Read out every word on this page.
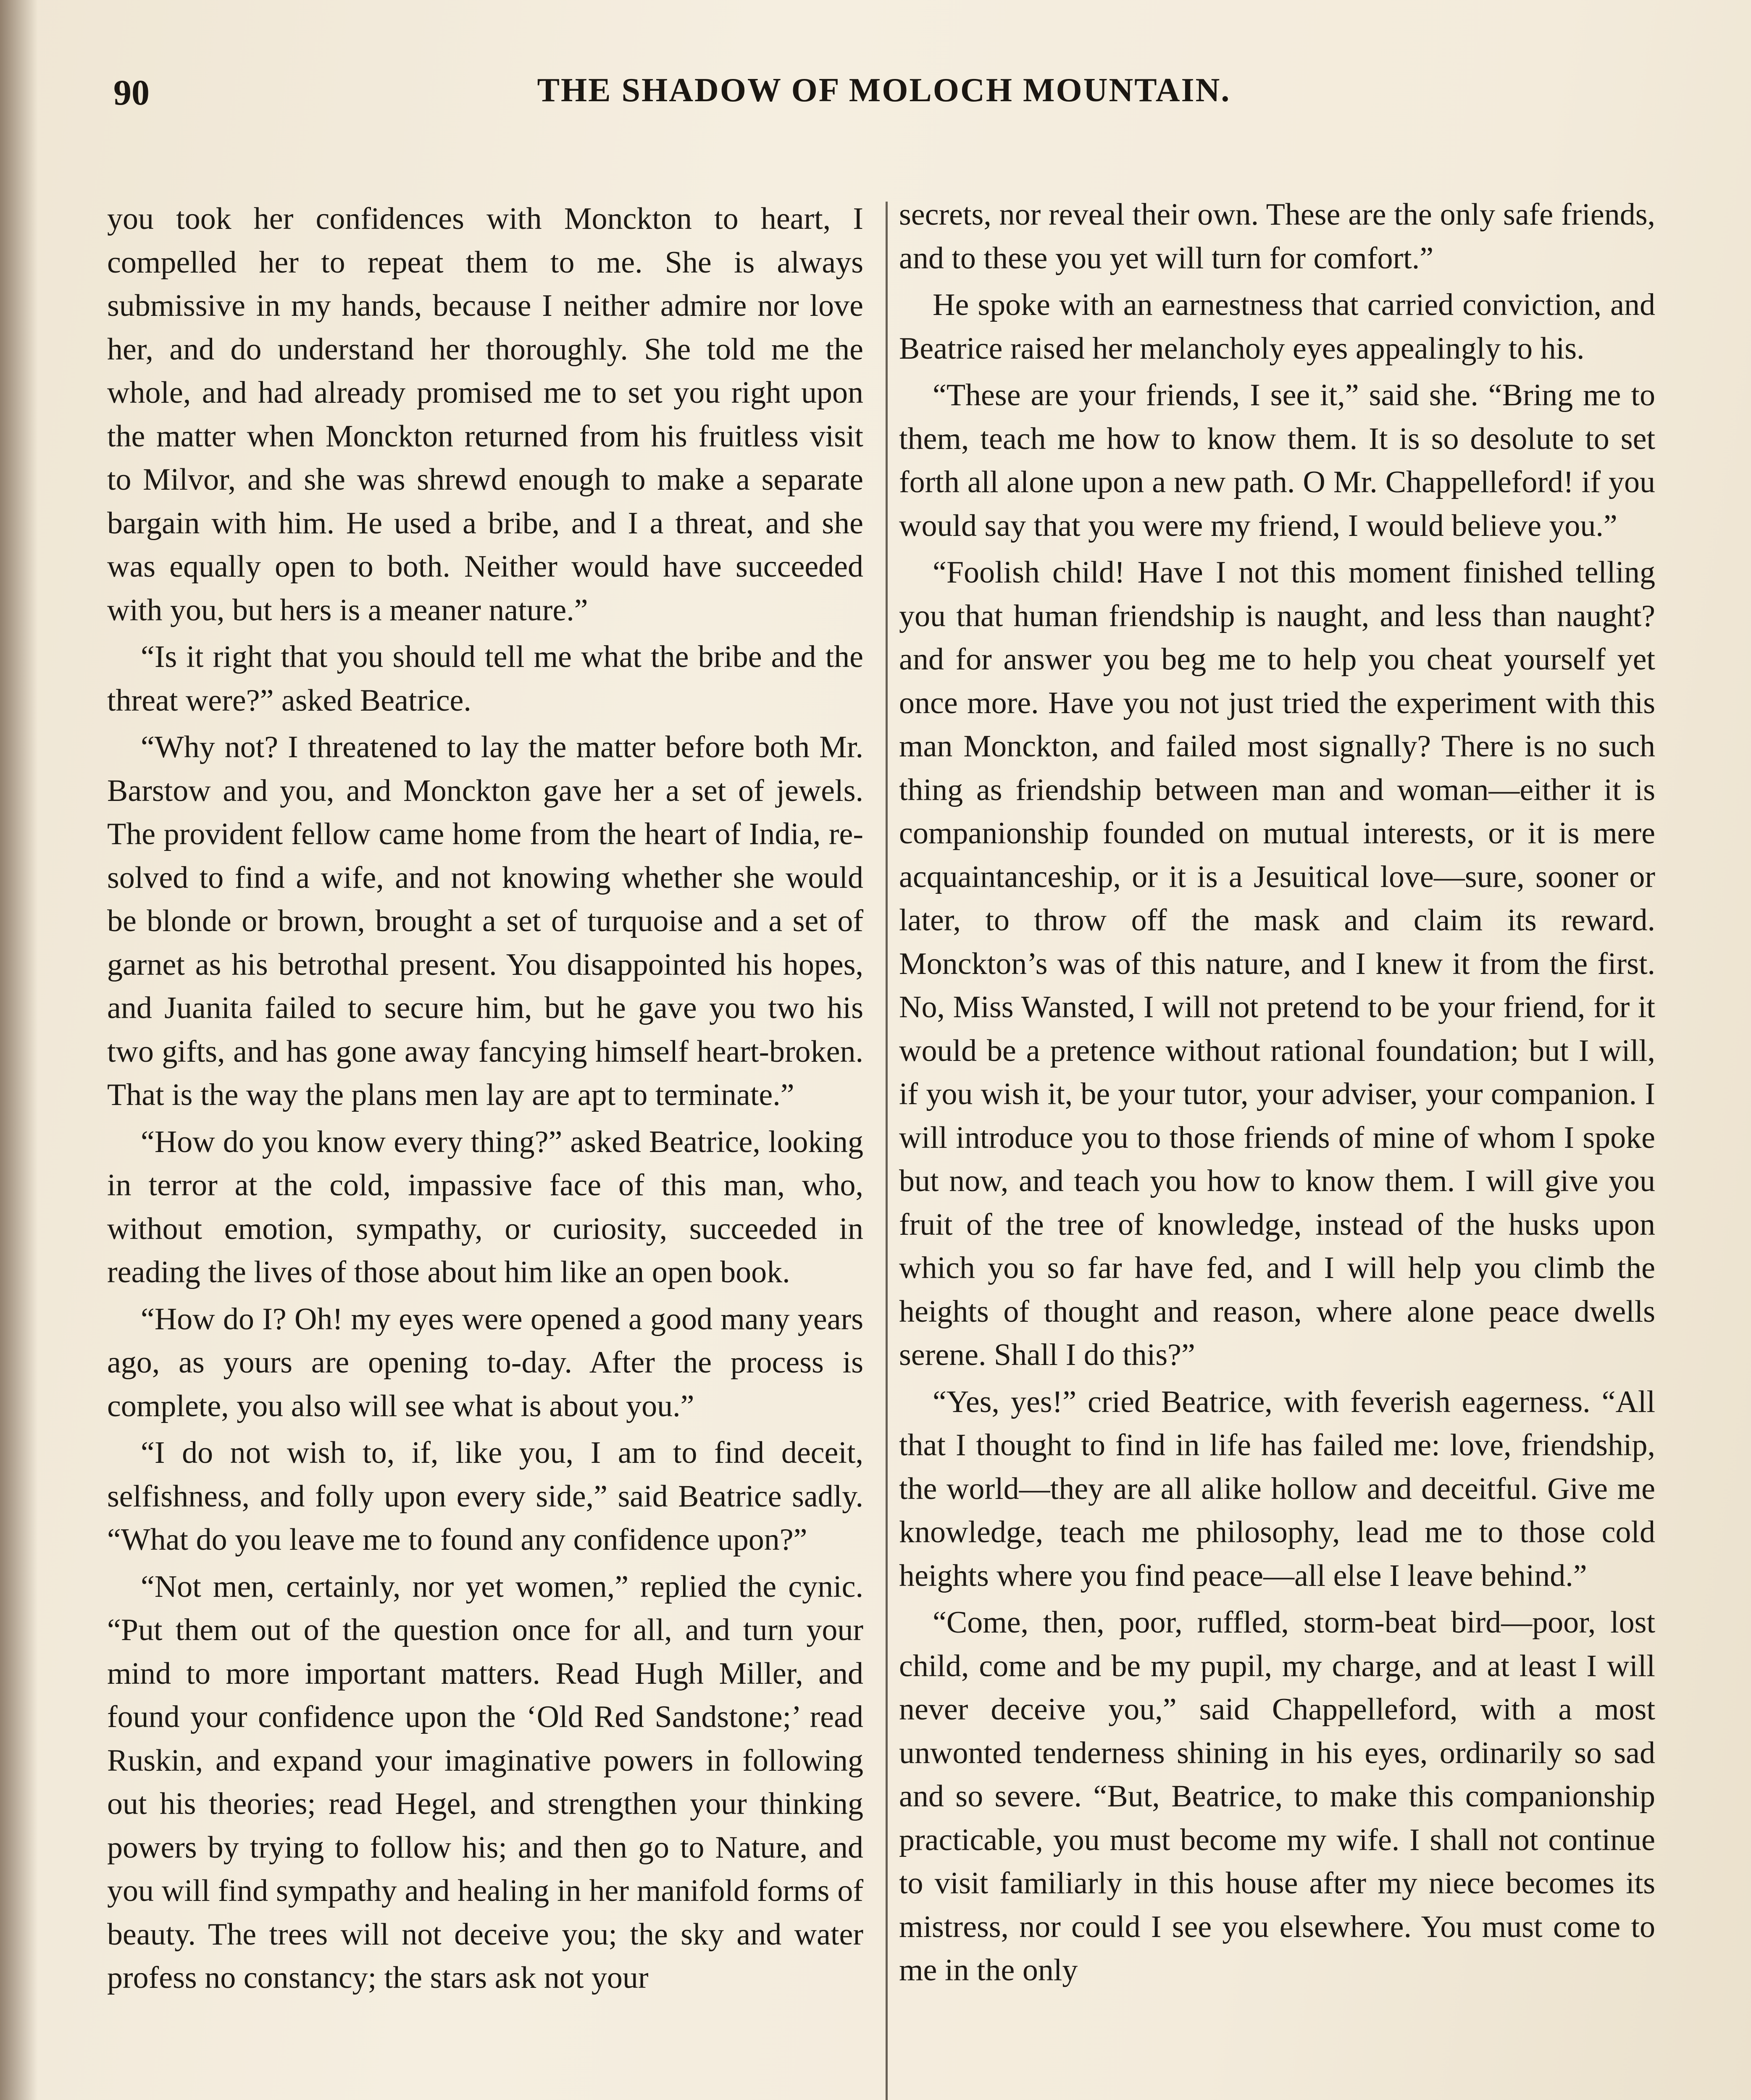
90	THE SHADOW OF MOLOCH MOUNTAIN.

you took her confidences with Monckton to heart, I compelled her to repeat them to me. She is always submissive in my hands, because I neither admire nor love her, and do understand her thoroughly. She told me the whole, and had already promised me to set you right upon the matter when Monckton returned from his fruitless visit to Milvor, and she was shrewd enough to make a separate bargain with him. He used a bribe, and I a threat, and she was equally open to both. Neither would have succeeded with you, but hers is a meaner nature.”

“Is it right that you should tell me what the bribe and the threat were?” asked Beatrice.

“Why not? I threatened to lay the matter before both Mr. Barstow and you, and Monckton gave her a set of jewels. The provident fellow came home from the heart of India, resolved to find a wife, and not knowing whether she would be blonde or brown, brought a set of turquoise and a set of garnet as his betrothal present. You disappointed his hopes, and Juanita failed to secure him, but he gave you two his two gifts, and has gone away fancying himself heart-broken. That is the way the plans men lay are apt to terminate.”

“How do you know every thing?” asked Beatrice, looking in terror at the cold, impassive face of this man, who, without emotion, sympathy, or curiosity, succeeded in reading the lives of those about him like an open book.

“How do I? Oh! my eyes were opened a good many years ago, as yours are opening to-day. After the process is complete, you also will see what is about you.”

“I do not wish to, if, like you, I am to find deceit, selfishness, and folly upon every side,” said Beatrice sadly. “What do you leave me to found any confidence upon?”

“Not men, certainly, nor yet women,” replied the cynic. “Put them out of the question once for all, and turn your mind to more important matters. Read Hugh Miller, and found your confidence upon the ‘Old Red Sandstone;’ read Ruskin, and expand your imaginative powers in following out his theories; read Hegel, and strengthen your thinking powers by trying to follow his; and then go to Nature, and you will find sympathy and healing in her manifold forms of beauty. The trees will not deceive you; the sky and water profess no constancy; the stars ask not your

secrets, nor reveal their own. These are the only safe friends, and to these you yet will turn for comfort.”

He spoke with an earnestness that carried conviction, and Beatrice raised her melancholy eyes appealingly to his.

“These are your friends, I see it,” said she. “Bring me to them, teach me how to know them. It is so desolute to set forth all alone upon a new path. O Mr. Chappelleford! if you would say that you were my friend, I would believe you.”

“Foolish child! Have I not this moment finished telling you that human friendship is naught, and less than naught? and for answer you beg me to help you cheat yourself yet once more. Have you not just tried the experiment with this man Monckton, and failed most signally? There is no such thing as friendship between man and woman—either it is companionship founded on mutual interests, or it is mere acquaintanceship, or it is a Jesuitical love—sure, sooner or later, to throw off the mask and claim its reward. Monckton’s was of this nature, and I knew it from the first. No, Miss Wansted, I will not pretend to be your friend, for it would be a pretence without rational foundation; but I will, if you wish it, be your tutor, your adviser, your companion. I will introduce you to those friends of mine of whom I spoke but now, and teach you how to know them. I will give you fruit of the tree of knowledge, instead of the husks upon which you so far have fed, and I will help you climb the heights of thought and reason, where alone peace dwells serene. Shall I do this?”

“Yes, yes!” cried Beatrice, with feverish eagerness. “All that I thought to find in life has failed me: love, friendship, the world—they are all alike hollow and deceitful. Give me knowledge, teach me philosophy, lead me to those cold heights where you find peace—all else I leave behind.”

“Come, then, poor, ruffled, storm-beat bird—poor, lost child, come and be my pupil, my charge, and at least I will never deceive you,” said Chappelleford, with a most unwonted tenderness shining in his eyes, ordinarily so sad and so severe. “But, Beatrice, to make this companionship practicable, you must become my wife. I shall not continue to visit familiarly in this house after my niece becomes its mistress, nor could I see you elsewhere. You must come to me in the only
